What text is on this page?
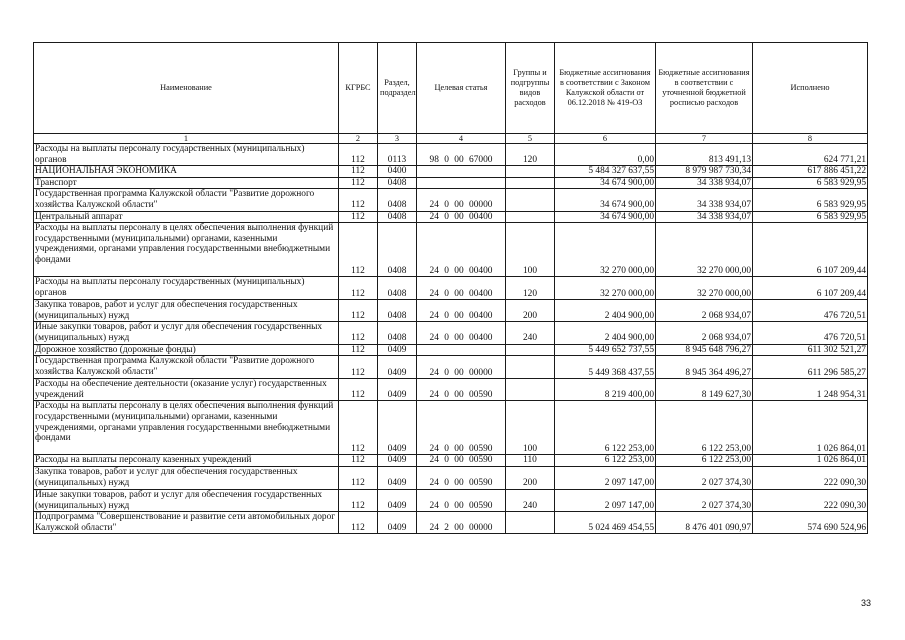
Наименование	КГРБС	Раздел, подраздел	Целевая статья	Группы и подгруппы видов расходов	Бюджетные ассигнования в соответствии с Законом Калужской области от 06.12.2018 № 419-ОЗ	Бюджетные ассигнования в соответствии с уточненной бюджетной росписью расходов	Исполнено
1	2	3	4	5	6	7	8
Расходы на выплаты персоналу государственных (муниципальных) органов	112	0113	98 0 00 67000	120	0,00	813 491,13	624 771,21
НАЦИОНАЛЬНАЯ ЭКОНОМИКА	112	0400			5 484 327 637,55	8 979 987 730,34	617 886 451,22
Транспорт	112	0408			34 674 900,00	34 338 934,07	6 583 929,95
Государственная программа Калужской области "Развитие дорожного хозяйства Калужской области"	112	0408	24 0 00 00000		34 674 900,00	34 338 934,07	6 583 929,95
Центральный аппарат	112	0408	24 0 00 00400		34 674 900,00	34 338 934,07	6 583 929,95
Расходы на выплаты персоналу в целях обеспечения выполнения функций государственными (муниципальными) органами, казенными учреждениями, органами управления государственными внебюджетными фондами	112	0408	24 0 00 00400	100	32 270 000,00	32 270 000,00	6 107 209,44
Расходы на выплаты персоналу государственных (муниципальных) органов	112	0408	24 0 00 00400	120	32 270 000,00	32 270 000,00	6 107 209,44
Закупка товаров, работ и услуг для обеспечения государственных (муниципальных) нужд	112	0408	24 0 00 00400	200	2 404 900,00	2 068 934,07	476 720,51
Иные закупки товаров, работ и услуг для обеспечения государственных (муниципальных) нужд	112	0408	24 0 00 00400	240	2 404 900,00	2 068 934,07	476 720,51
Дорожное хозяйство (дорожные фонды)	112	0409			5 449 652 737,55	8 945 648 796,27	611 302 521,27
Государственная программа Калужской области "Развитие дорожного хозяйства Калужской области"	112	0409	24 0 00 00000		5 449 368 437,55	8 945 364 496,27	611 296 585,27
Расходы на обеспечение деятельности (оказание услуг) государственных учреждений	112	0409	24 0 00 00590		8 219 400,00	8 149 627,30	1 248 954,31
Расходы на выплаты персоналу в целях обеспечения выполнения функций государственными (муниципальными) органами, казенными учреждениями, органами управления государственными внебюджетными фондами	112	0409	24 0 00 00590	100	6 122 253,00	6 122 253,00	1 026 864,01
Расходы на выплаты персоналу казенных учреждений	112	0409	24 0 00 00590	110	6 122 253,00	6 122 253,00	1 026 864,01
Закупка товаров, работ и услуг для обеспечения государственных (муниципальных) нужд	112	0409	24 0 00 00590	200	2 097 147,00	2 027 374,30	222 090,30
Иные закупки товаров, работ и услуг для обеспечения государственных (муниципальных) нужд	112	0409	24 0 00 00590	240	2 097 147,00	2 027 374,30	222 090,30
Подпрограмма "Совершенствование и развитие сети автомобильных дорог Калужской области"	112	0409	24 2 00 00000		5 024 469 454,55	8 476 401 090,97	574 690 524,96
33
